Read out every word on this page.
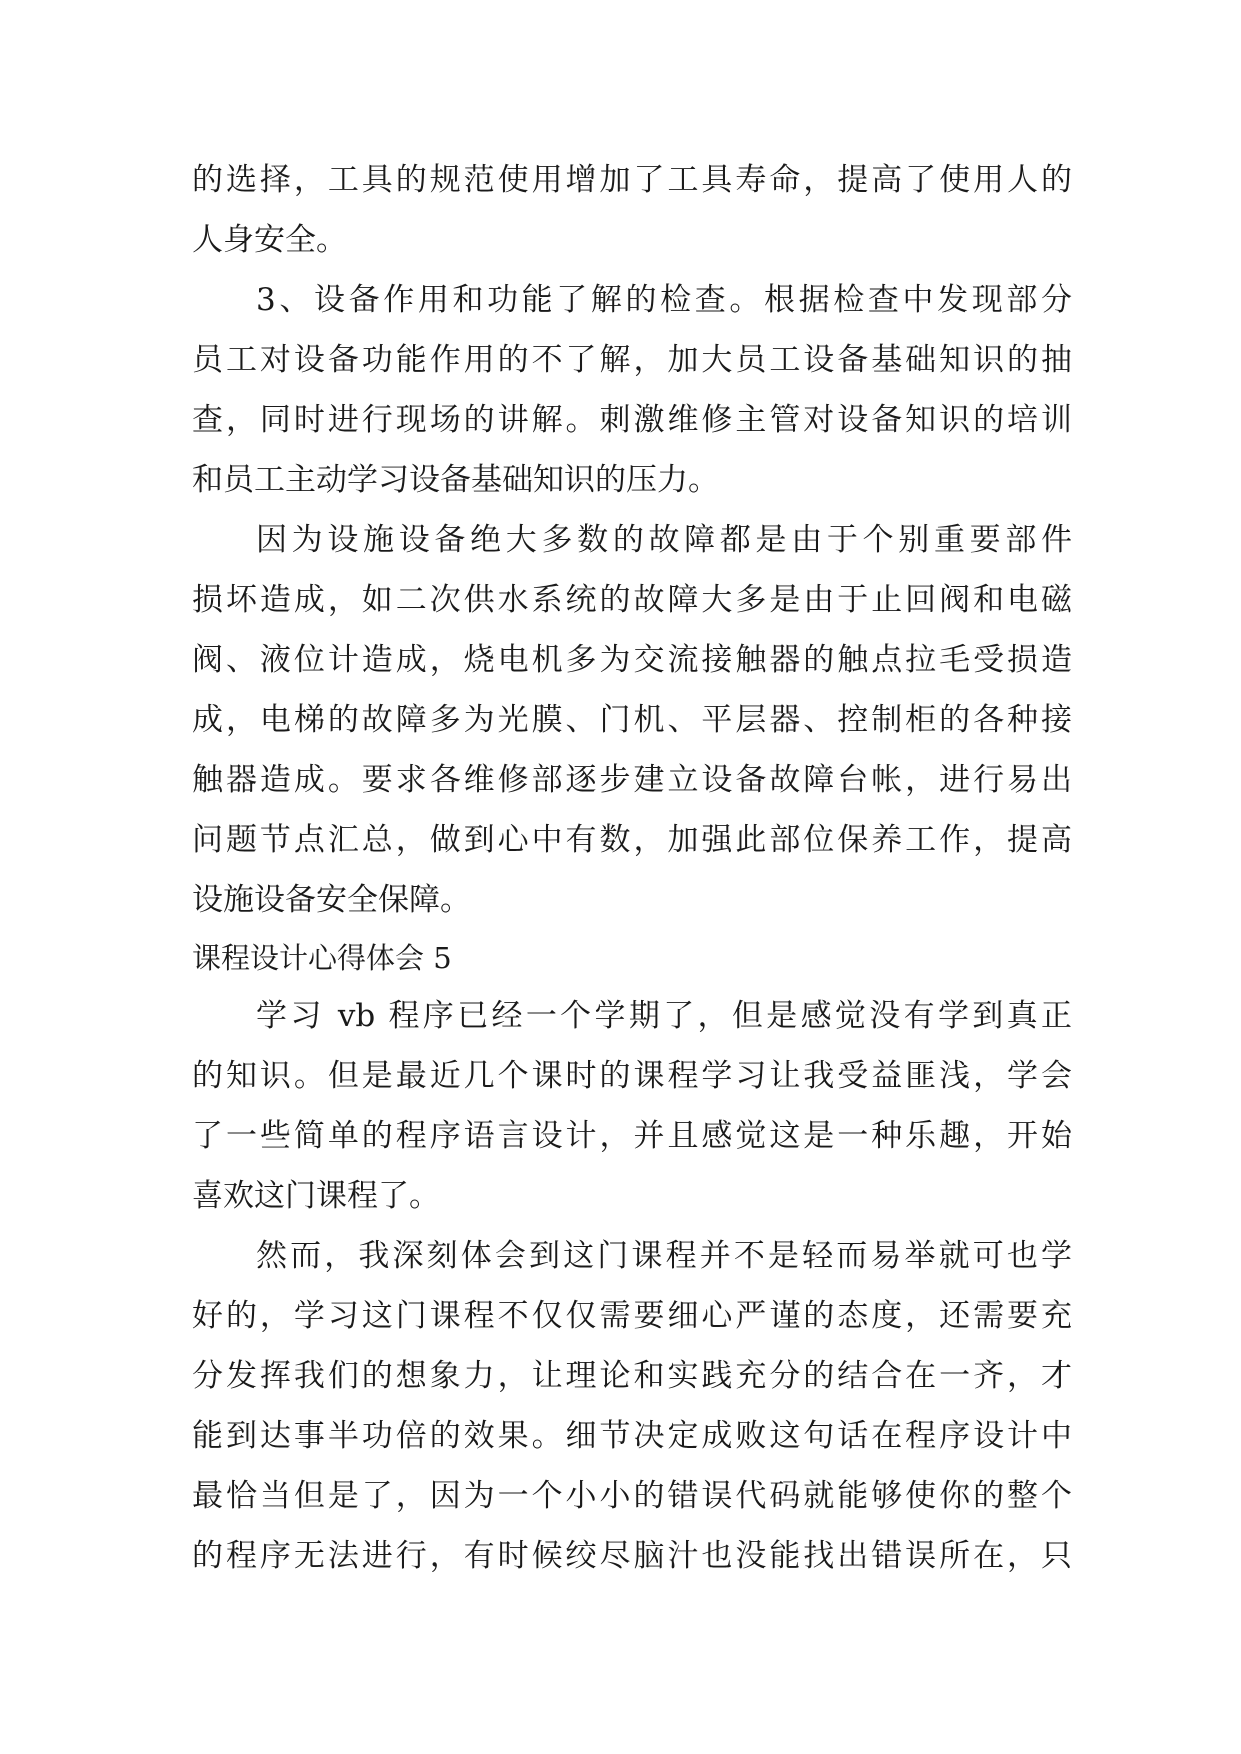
的选择，工具的规范使用增加了工具寿命，提高了使用人的
人身安全。
3、设备作用和功能了解的检查。根据检查中发现部分
员工对设备功能作用的不了解，加大员工设备基础知识的抽
查，同时进行现场的讲解。刺激维修主管对设备知识的培训
和员工主动学习设备基础知识的压力。
因为设施设备绝大多数的故障都是由于个别重要部件
损坏造成，如二次供水系统的故障大多是由于止回阀和电磁
阀、液位计造成，烧电机多为交流接触器的触点拉毛受损造
成，电梯的故障多为光膜、门机、平层器、控制柜的各种接
触器造成。要求各维修部逐步建立设备故障台帐，进行易出
问题节点汇总，做到心中有数，加强此部位保养工作，提高
设施设备安全保障。
课程设计心得体会 5
学习 vb 程序已经一个学期了，但是感觉没有学到真正
的知识。但是最近几个课时的课程学习让我受益匪浅，学会
了一些简单的程序语言设计，并且感觉这是一种乐趣，开始
喜欢这门课程了。
然而，我深刻体会到这门课程并不是轻而易举就可也学
好的，学习这门课程不仅仅需要细心严谨的态度，还需要充
分发挥我们的想象力，让理论和实践充分的结合在一齐，才
能到达事半功倍的效果。细节决定成败这句话在程序设计中
最恰当但是了，因为一个小小的错误代码就能够使你的整个
的程序无法进行，有时候绞尽脑汁也没能找出错误所在，只
